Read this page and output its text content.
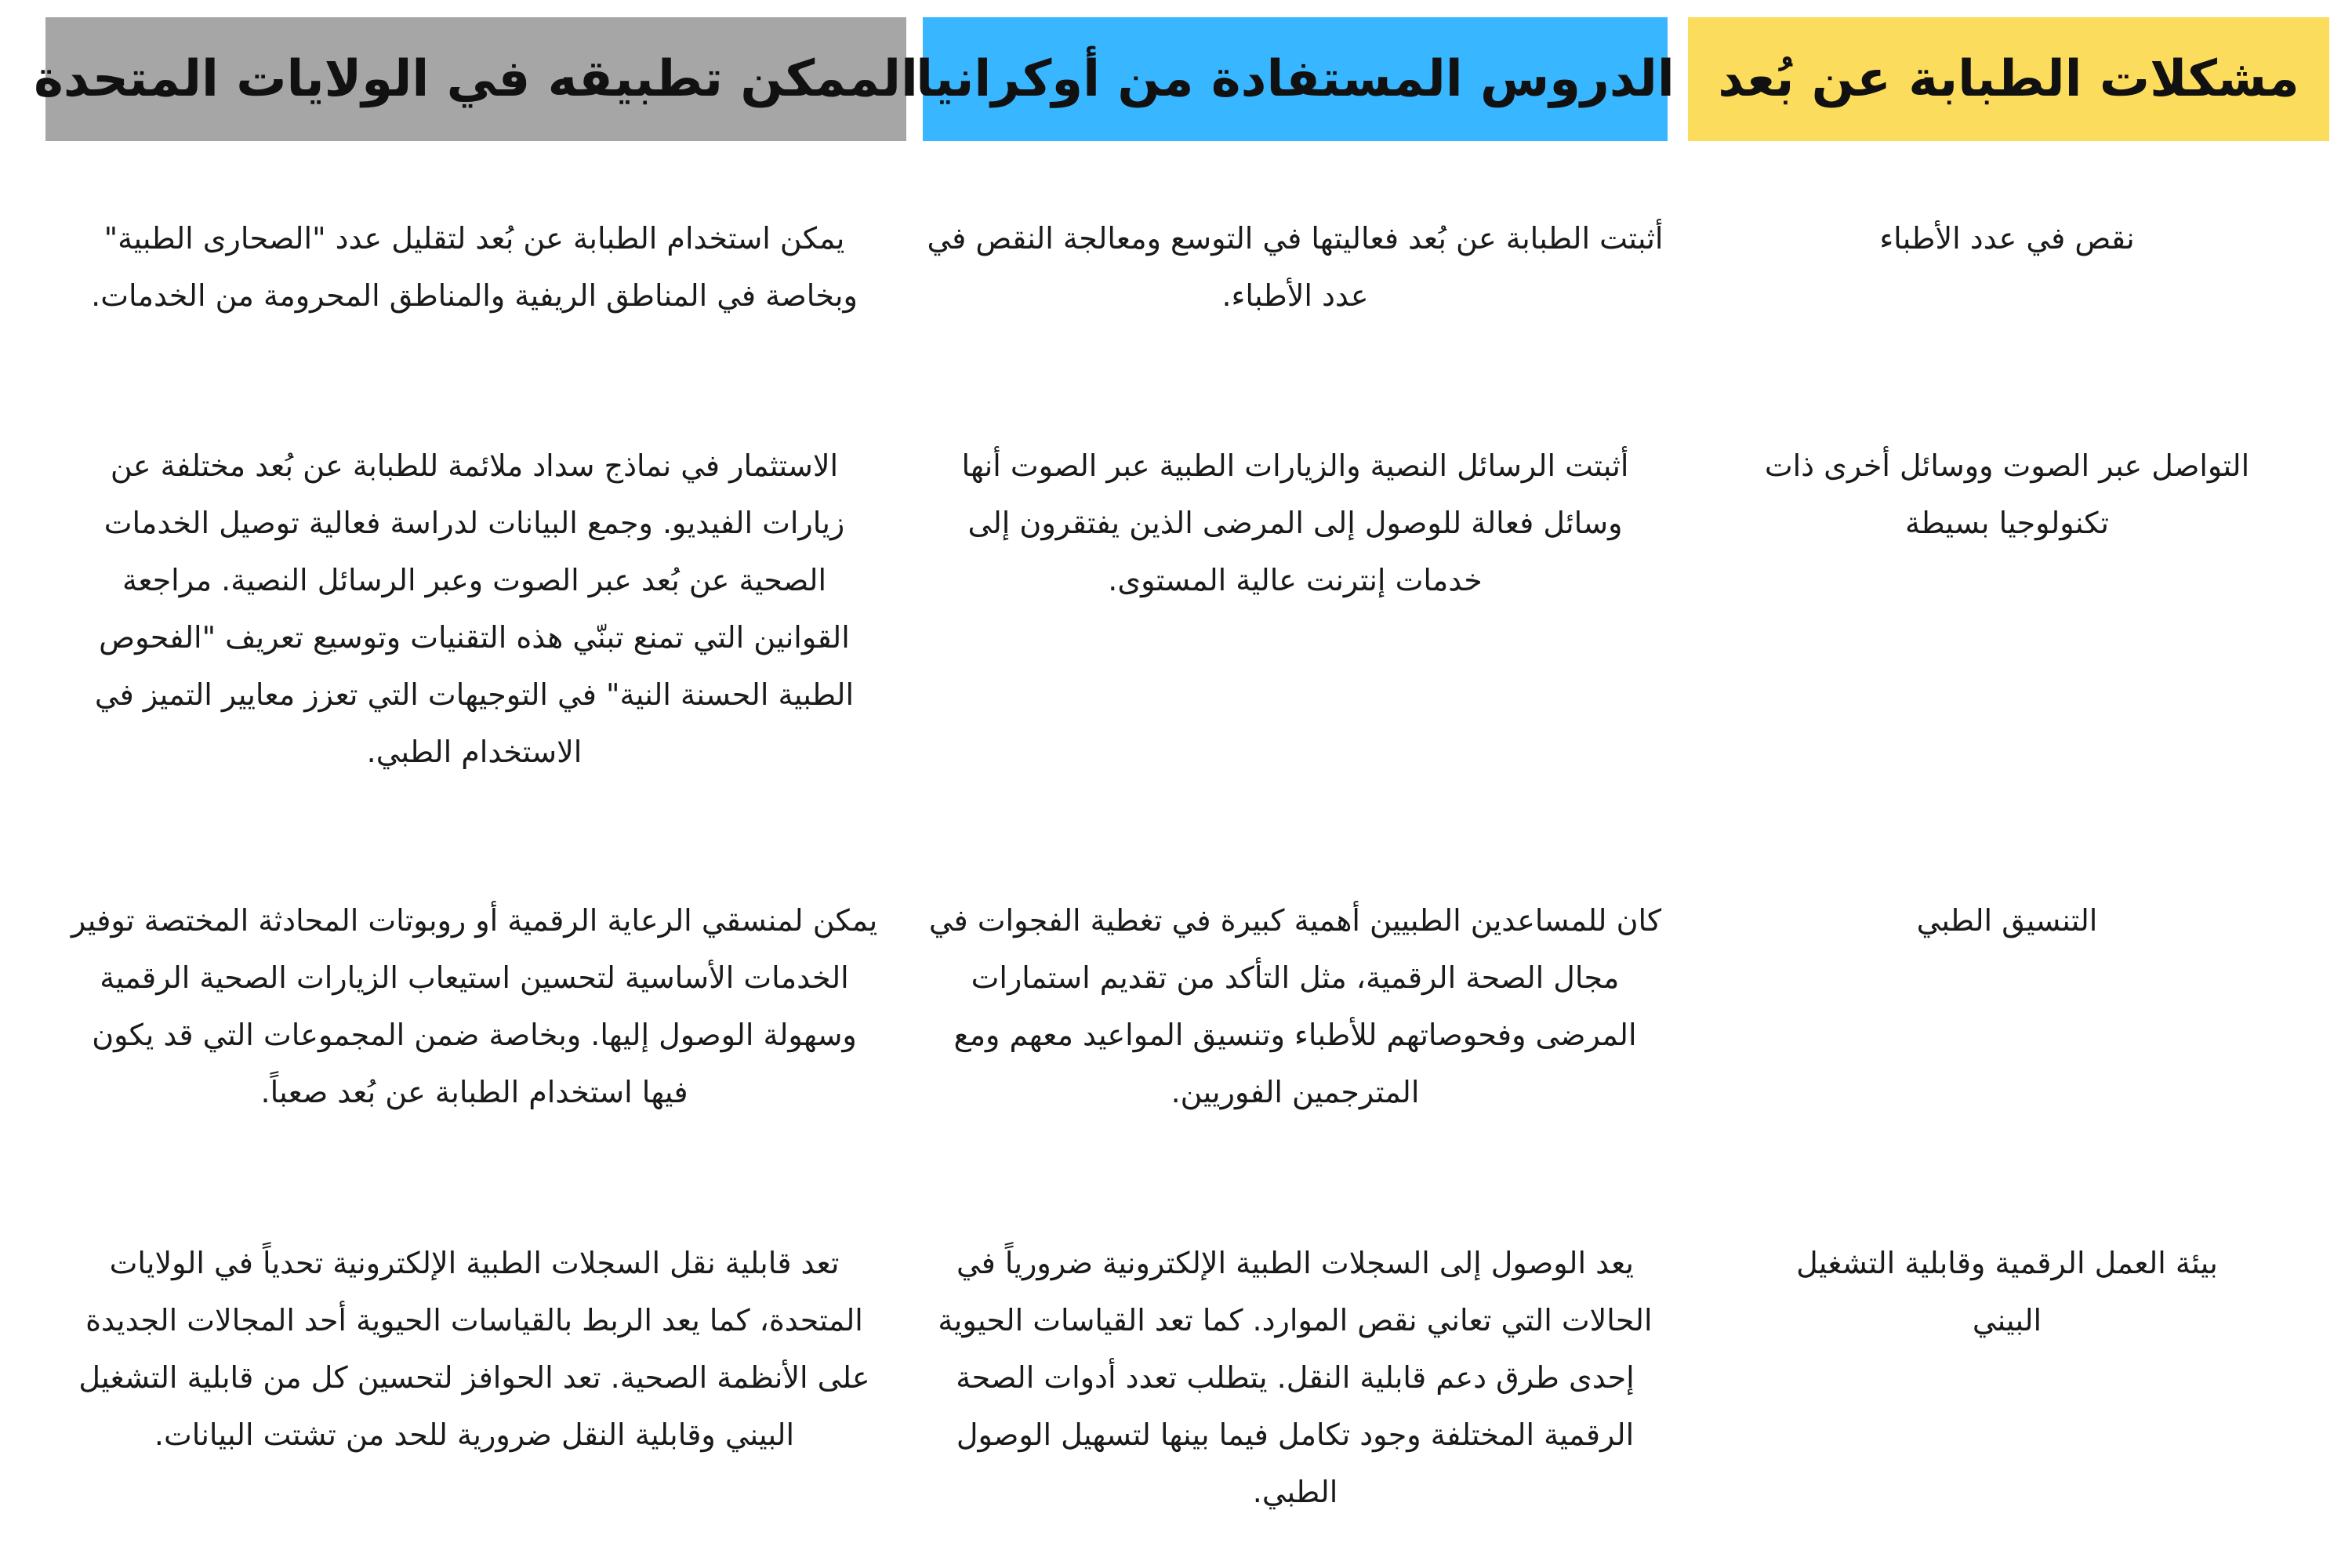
مشكلات الطبابة عن بُعد
الدروس المستفادة من أوكرانيا
الممكن تطبيقه في الولايات المتحدة
نقص في عدد الأطباء
أثبتت الطبابة عن بُعد فعاليتها في التوسع ومعالجة النقص في عدد الأطباء.
يمكن استخدام الطبابة عن بُعد لتقليل عدد "الصحارى الطبية" وبخاصة في المناطق الريفية والمناطق المحرومة من الخدمات.
التواصل عبر الصوت ووسائل أخرى ذات تكنولوجيا بسيطة
أثبتت الرسائل النصية والزيارات الطبية عبر الصوت أنها وسائل فعالة للوصول إلى المرضى الذين يفتقرون إلى خدمات إنترنت عالية المستوى.
الاستثمار في نماذج سداد ملائمة للطبابة عن بُعد مختلفة عن زيارات الفيديو. وجمع البيانات لدراسة فعالية توصيل الخدمات الصحية عن بُعد عبر الصوت وعبر الرسائل النصية. مراجعة القوانين التي تمنع تبنّي هذه التقنيات وتوسيع تعريف "الفحوص الطبية الحسنة النية" في التوجيهات التي تعزز معايير التميز في الاستخدام الطبي.
التنسيق الطبي
كان للمساعدين الطبيين أهمية كبيرة في تغطية الفجوات في مجال الصحة الرقمية، مثل التأكد من تقديم استمارات المرضى وفحوصاتهم للأطباء وتنسيق المواعيد معهم ومع المترجمين الفوريين.
يمكن لمنسقي الرعاية الرقمية أو روبوتات المحادثة المختصة توفير الخدمات الأساسية لتحسين استيعاب الزيارات الصحية الرقمية وسهولة الوصول إليها. وبخاصة ضمن المجموعات التي قد يكون فيها استخدام الطبابة عن بُعد صعباً.
بيئة العمل الرقمية وقابلية التشغيل البيني
يعد الوصول إلى السجلات الطبية الإلكترونية ضرورياً في الحالات التي تعاني نقص الموارد. كما تعد القياسات الحيوية إحدى طرق دعم قابلية النقل. يتطلب تعدد أدوات الصحة الرقمية المختلفة وجود تكامل فيما بينها لتسهيل الوصول الطبي.
تعد قابلية نقل السجلات الطبية الإلكترونية تحدياً في الولايات المتحدة، كما يعد الربط بالقياسات الحيوية أحد المجالات الجديدة على الأنظمة الصحية. تعد الحوافز لتحسين كل من قابلية التشغيل البيني وقابلية النقل ضرورية للحد من تشتت البيانات.
